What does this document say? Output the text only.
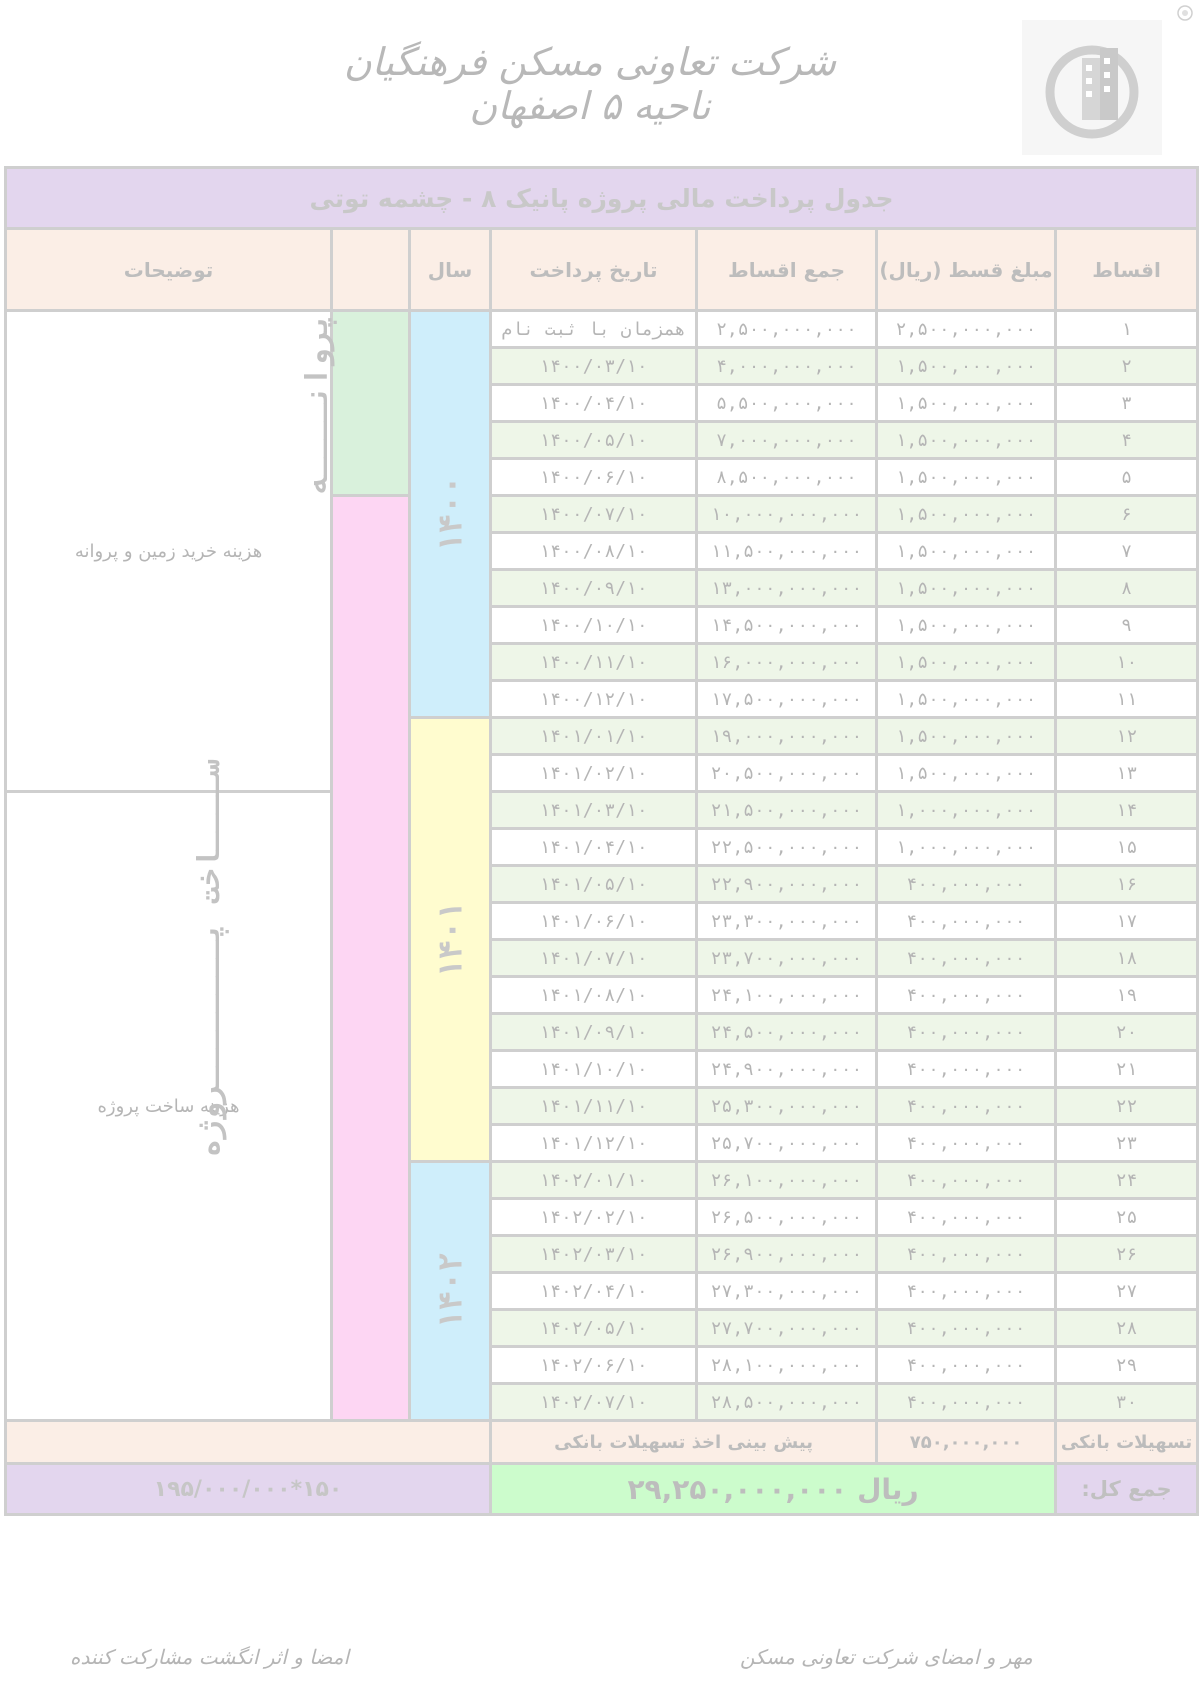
شرکت تعاونی مسکن فرهنگیان ناحیه ۵ اصفهان
جدول پرداخت مالی پروژه پانیک ۸ - چشمه توتی						
اقساط	مبلغ قسط (ریال)	جمع اقساط	تاریخ پرداخت	سال		توضیحات
۱	۲,۵۰۰,۰۰۰,۰۰۰	۲,۵۰۰,۰۰۰,۰۰۰	همزمان با ثبت نام	۱۴۰۰	پروانــــه	هزینه خرید زمین و پروانه
۲	۱,۵۰۰,۰۰۰,۰۰۰	۴,۰۰۰,۰۰۰,۰۰۰	۱۴۰۰/۰۳/۱۰			
۳	۱,۵۰۰,۰۰۰,۰۰۰	۵,۵۰۰,۰۰۰,۰۰۰	۱۴۰۰/۰۴/۱۰			
۴	۱,۵۰۰,۰۰۰,۰۰۰	۷,۰۰۰,۰۰۰,۰۰۰	۱۴۰۰/۰۵/۱۰			
۵	۱,۵۰۰,۰۰۰,۰۰۰	۸,۵۰۰,۰۰۰,۰۰۰	۱۴۰۰/۰۶/۱۰			
۶	۱,۵۰۰,۰۰۰,۰۰۰	۱۰,۰۰۰,۰۰۰,۰۰۰	۱۴۰۰/۰۷/۱۰		ســــاخت پــــــــروژه	
۷	۱,۵۰۰,۰۰۰,۰۰۰	۱۱,۵۰۰,۰۰۰,۰۰۰	۱۴۰۰/۰۸/۱۰			
۸	۱,۵۰۰,۰۰۰,۰۰۰	۱۳,۰۰۰,۰۰۰,۰۰۰	۱۴۰۰/۰۹/۱۰			
۹	۱,۵۰۰,۰۰۰,۰۰۰	۱۴,۵۰۰,۰۰۰,۰۰۰	۱۴۰۰/۱۰/۱۰			
۱۰	۱,۵۰۰,۰۰۰,۰۰۰	۱۶,۰۰۰,۰۰۰,۰۰۰	۱۴۰۰/۱۱/۱۰			
۱۱	۱,۵۰۰,۰۰۰,۰۰۰	۱۷,۵۰۰,۰۰۰,۰۰۰	۱۴۰۰/۱۲/۱۰			
۱۲	۱,۵۰۰,۰۰۰,۰۰۰	۱۹,۰۰۰,۰۰۰,۰۰۰	۱۴۰۱/۰۱/۱۰	۱۴۰۱		
۱۳	۱,۵۰۰,۰۰۰,۰۰۰	۲۰,۵۰۰,۰۰۰,۰۰۰	۱۴۰۱/۰۲/۱۰			
۱۴	۱,۰۰۰,۰۰۰,۰۰۰	۲۱,۵۰۰,۰۰۰,۰۰۰	۱۴۰۱/۰۳/۱۰			هزینه ساخت پروژه
۱۵	۱,۰۰۰,۰۰۰,۰۰۰	۲۲,۵۰۰,۰۰۰,۰۰۰	۱۴۰۱/۰۴/۱۰			
۱۶	۴۰۰,۰۰۰,۰۰۰	۲۲,۹۰۰,۰۰۰,۰۰۰	۱۴۰۱/۰۵/۱۰			
۱۷	۴۰۰,۰۰۰,۰۰۰	۲۳,۳۰۰,۰۰۰,۰۰۰	۱۴۰۱/۰۶/۱۰			
۱۸	۴۰۰,۰۰۰,۰۰۰	۲۳,۷۰۰,۰۰۰,۰۰۰	۱۴۰۱/۰۷/۱۰			
۱۹	۴۰۰,۰۰۰,۰۰۰	۲۴,۱۰۰,۰۰۰,۰۰۰	۱۴۰۱/۰۸/۱۰			
۲۰	۴۰۰,۰۰۰,۰۰۰	۲۴,۵۰۰,۰۰۰,۰۰۰	۱۴۰۱/۰۹/۱۰			
۲۱	۴۰۰,۰۰۰,۰۰۰	۲۴,۹۰۰,۰۰۰,۰۰۰	۱۴۰۱/۱۰/۱۰			
۲۲	۴۰۰,۰۰۰,۰۰۰	۲۵,۳۰۰,۰۰۰,۰۰۰	۱۴۰۱/۱۱/۱۰			
۲۳	۴۰۰,۰۰۰,۰۰۰	۲۵,۷۰۰,۰۰۰,۰۰۰	۱۴۰۱/۱۲/۱۰			
۲۴	۴۰۰,۰۰۰,۰۰۰	۲۶,۱۰۰,۰۰۰,۰۰۰	۱۴۰۲/۰۱/۱۰	۱۴۰۲		
۲۵	۴۰۰,۰۰۰,۰۰۰	۲۶,۵۰۰,۰۰۰,۰۰۰	۱۴۰۲/۰۲/۱۰			
۲۶	۴۰۰,۰۰۰,۰۰۰	۲۶,۹۰۰,۰۰۰,۰۰۰	۱۴۰۲/۰۳/۱۰			
۲۷	۴۰۰,۰۰۰,۰۰۰	۲۷,۳۰۰,۰۰۰,۰۰۰	۱۴۰۲/۰۴/۱۰			
۲۸	۴۰۰,۰۰۰,۰۰۰	۲۷,۷۰۰,۰۰۰,۰۰۰	۱۴۰۲/۰۵/۱۰			
۲۹	۴۰۰,۰۰۰,۰۰۰	۲۸,۱۰۰,۰۰۰,۰۰۰	۱۴۰۲/۰۶/۱۰			
۳۰	۴۰۰,۰۰۰,۰۰۰	۲۸,۵۰۰,۰۰۰,۰۰۰	۱۴۰۲/۰۷/۱۰			
تسهیلات بانکی	۷۵۰,۰۰۰,۰۰۰	پیش بینی اخذ تسهیلات بانکی				
جمع کل:	ریال ۲۹,۲۵۰,۰۰۰,۰۰۰			۱۵۰*۱۹۵/۰۰۰/۰۰۰		
مهر و امضای شرکت تعاونی مسکن
امضا و اثر انگشت مشارکت کننده
